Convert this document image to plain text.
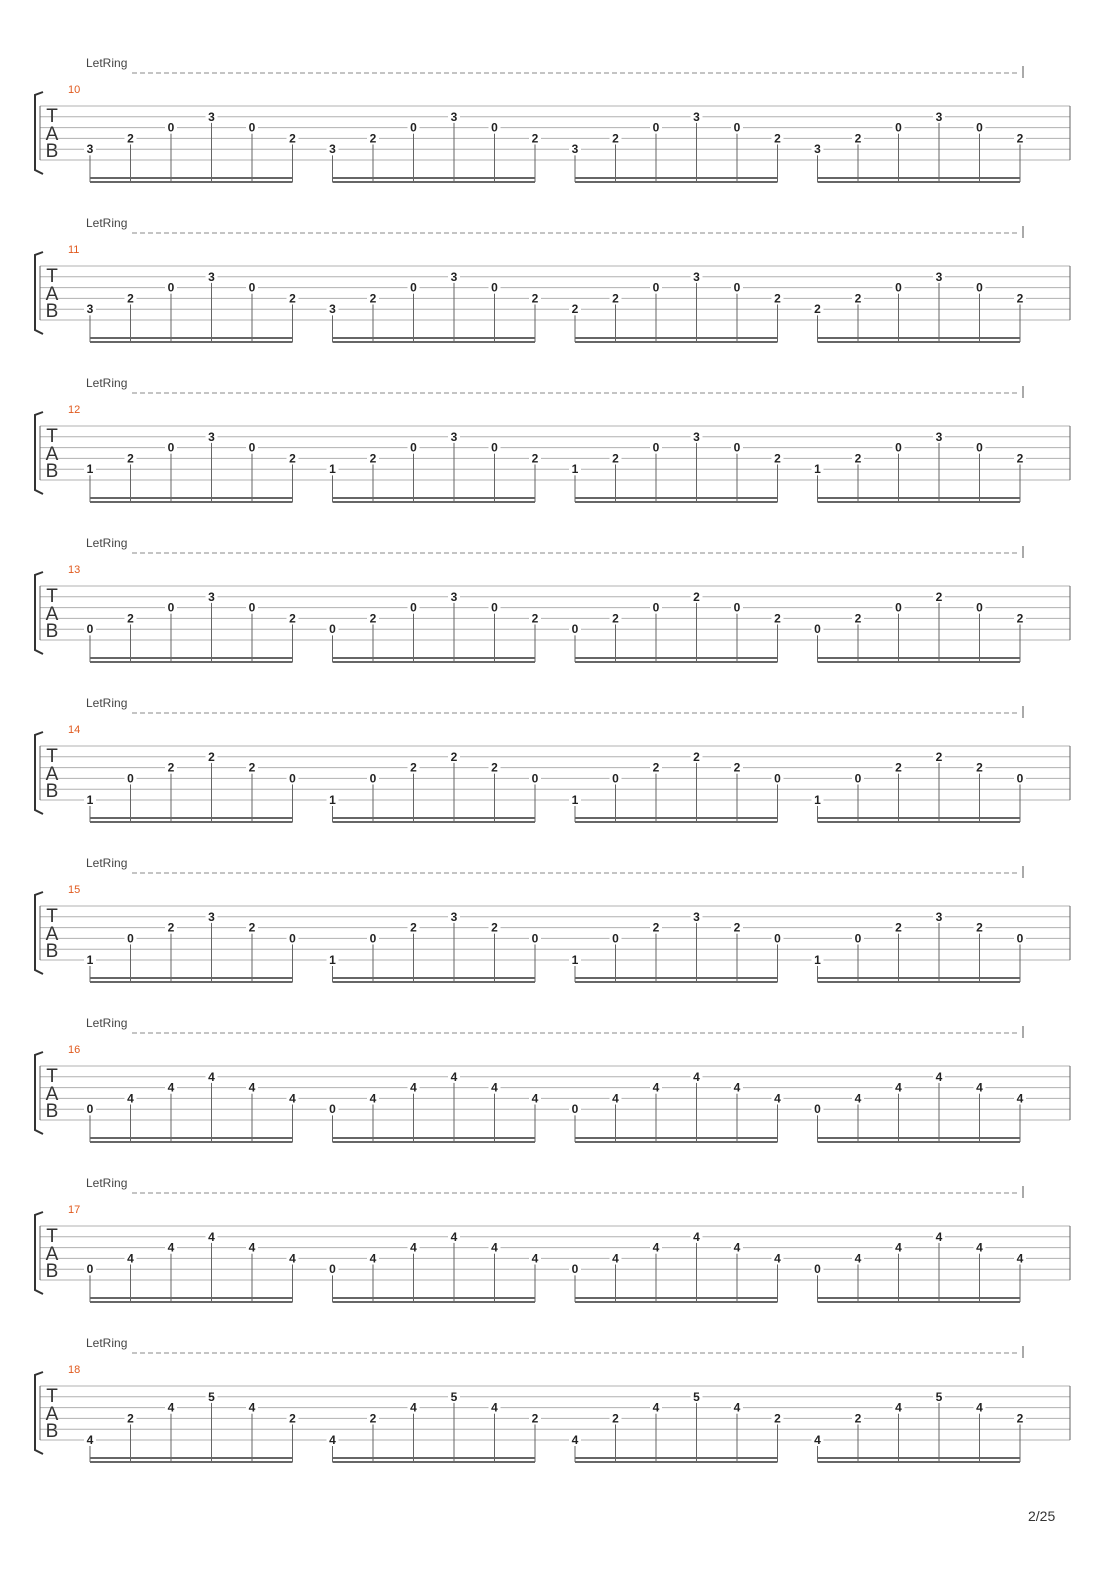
LetRing
10
T
A
B 3
2
0
3
0
2
3
2
0
3
0
2
3
2
0
3
0
2
3
2
0
3
0
2
LetRing
11
T
A
B 3
2
0
3
0
2
3
2
0
3
0
2
2
2
0
3
0
2
2
2
0
3
0
2
LetRing
12
T
A
B 1
2
0
3
0
2
1
2
0
3
0
2
1
2
0
3
0
2
1
2
0
3
0
2
LetRing
13
T
A
B 0
2
0
3
0
2
0
2
0
3
0
2
0
2
0
2
0
2
0
2
0
2
0
2
LetRing
14
T
A
B 1
0
2
2
2
0
1
0
2
2
2
0
1
0
2
2
2
0
1
0
2
2
2
0
LetRing
15
T
A
B 1
0
2
3
2
0
1
0
2
3
2
0
1
0
2
3
2
0
1
0
2
3
2
0
LetRing
16
T
A
B 0
4
4
4
4
4
0
4
4
4
4
4
0
4
4
4
4
4
0
4
4
4
4
4
LetRing
17
T
A
B 0
4
4
4
4
4
0
4
4
4
4
4
0
4
4
4
4
4
0
4
4
4
4
4
LetRing
18
T
A
B 4
2
4
5
4
2
4
2
4
5
4
2
4
2
4
5
4
2
4
2
4
5
4
2
2/25
